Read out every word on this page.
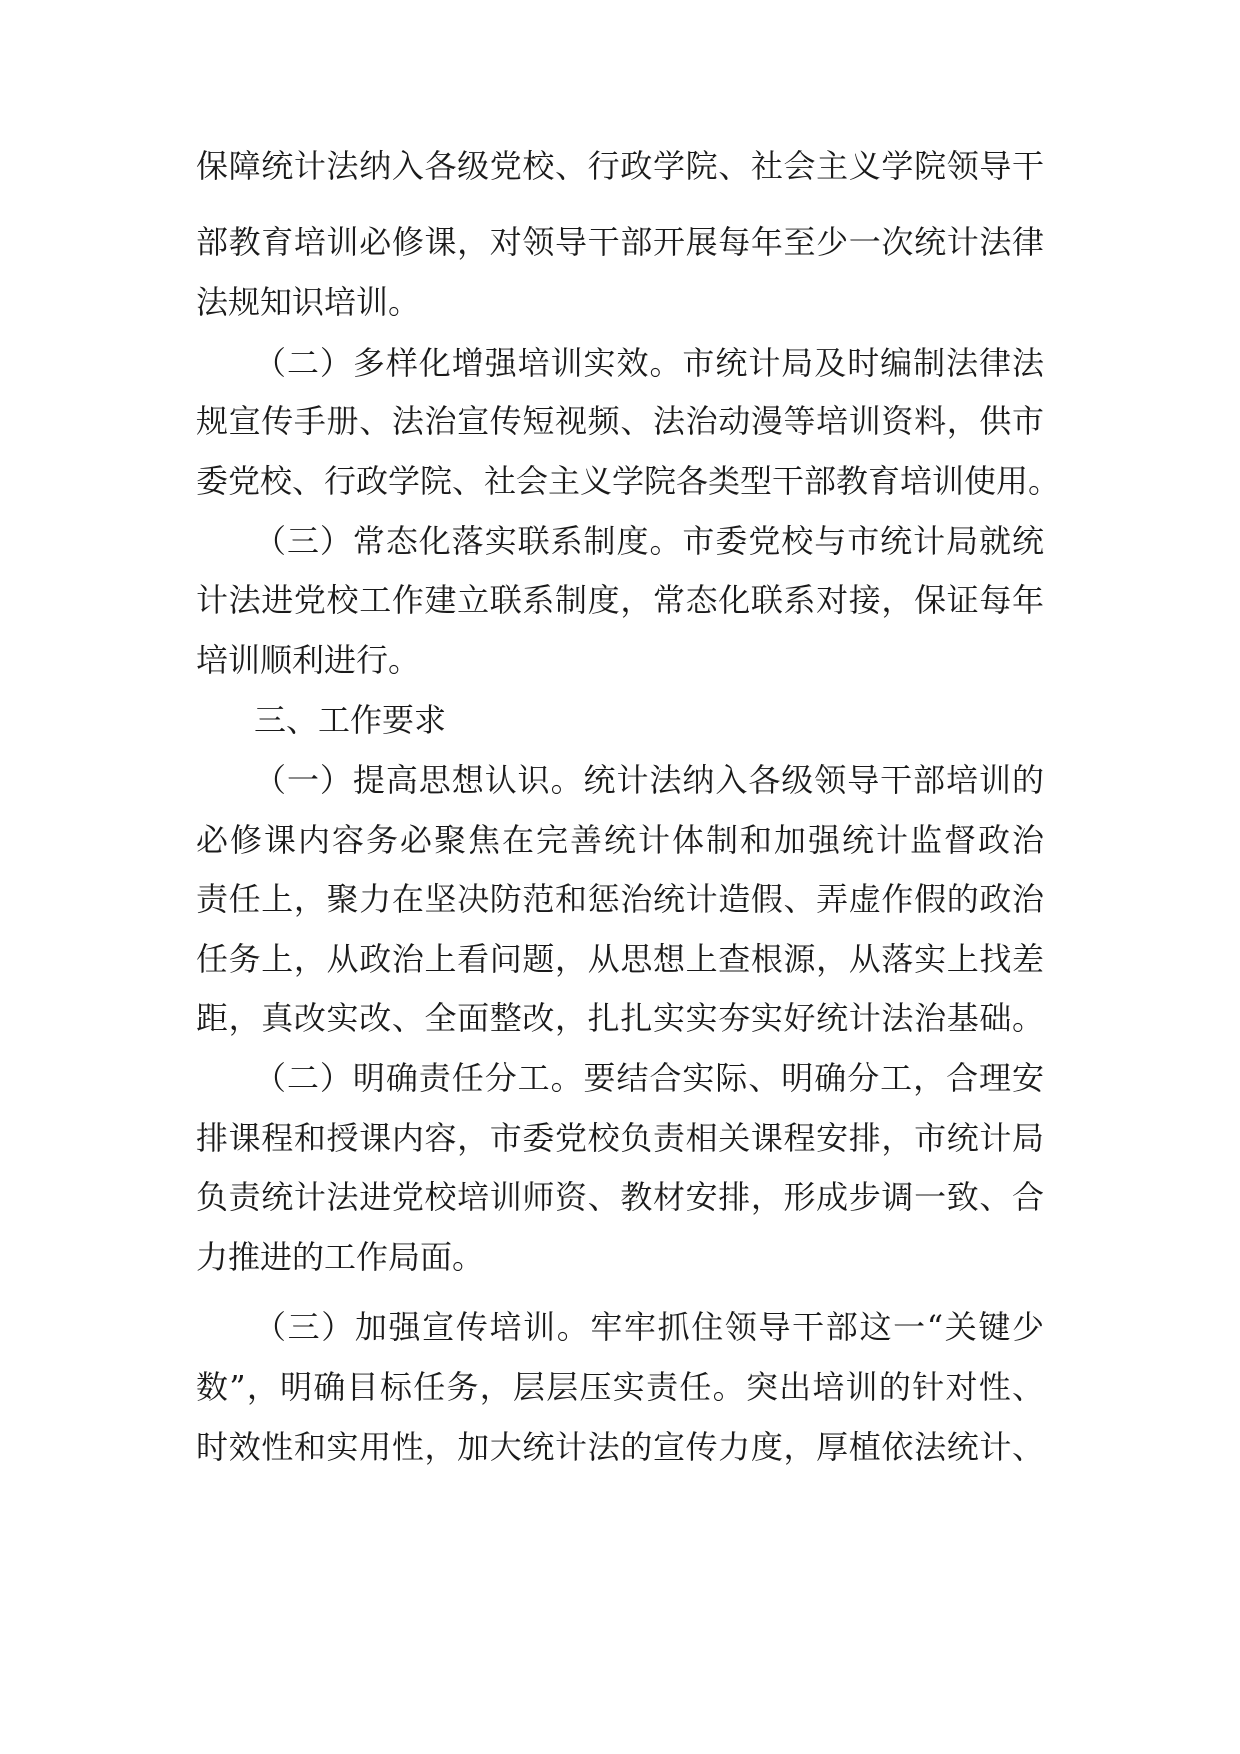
保障统计法纳入各级党校、行政学院、社会主义学院领导干
部教育培训必修课，对领导干部开展每年至少一次统计法律
法规知识培训。
（二）多样化增强培训实效。市统计局及时编制法律法
规宣传手册、法治宣传短视频、法治动漫等培训资料，供市
委党校、行政学院、社会主义学院各类型干部教育培训使用。
（三）常态化落实联系制度。市委党校与市统计局就统
计法进党校工作建立联系制度，常态化联系对接，保证每年
培训顺利进行。
三、工作要求
（一）提高思想认识。统计法纳入各级领导干部培训的
必修课内容务必聚焦在完善统计体制和加强统计监督政治
责任上，聚力在坚决防范和惩治统计造假、弄虚作假的政治
任务上，从政治上看问题，从思想上查根源，从落实上找差
距，真改实改、全面整改，扎扎实实夯实好统计法治基础。
（二）明确责任分工。要结合实际、明确分工，合理安
排课程和授课内容，市委党校负责相关课程安排，市统计局
负责统计法进党校培训师资、教材安排，形成步调一致、合
力推进的工作局面。
（三）加强宣传培训。牢牢抓住领导干部这一“关键少
数”，明确目标任务，层层压实责任。突出培训的针对性、
时效性和实用性，加大统计法的宣传力度，厚植依法统计、
